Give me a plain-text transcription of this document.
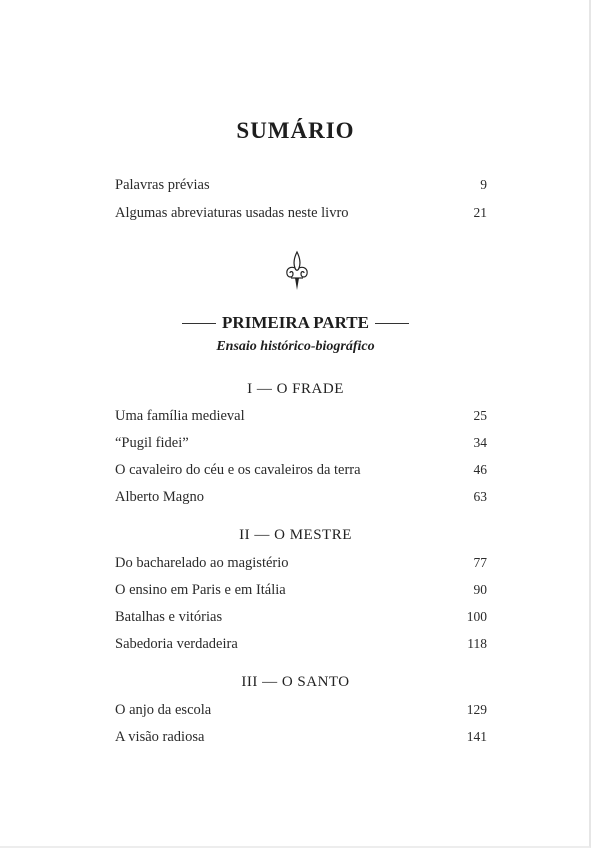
SUMÁRIO
Palavras prévias	9
Algumas abreviaturas usadas neste livro	21
PRIMEIRA PARTE
Ensaio histórico-biográfico
I — O FRADE
Uma família medieval	25
“Pugil fidei”	34
O cavaleiro do céu e os cavaleiros da terra	46
Alberto Magno	63
II — O MESTRE
Do bacharelado ao magistério	77
O ensino em Paris e em Itália	90
Batalhas e vitórias	100
Sabedoria verdadeira	118
III — O SANTO
O anjo da escola	129
A visão radiosa	141
